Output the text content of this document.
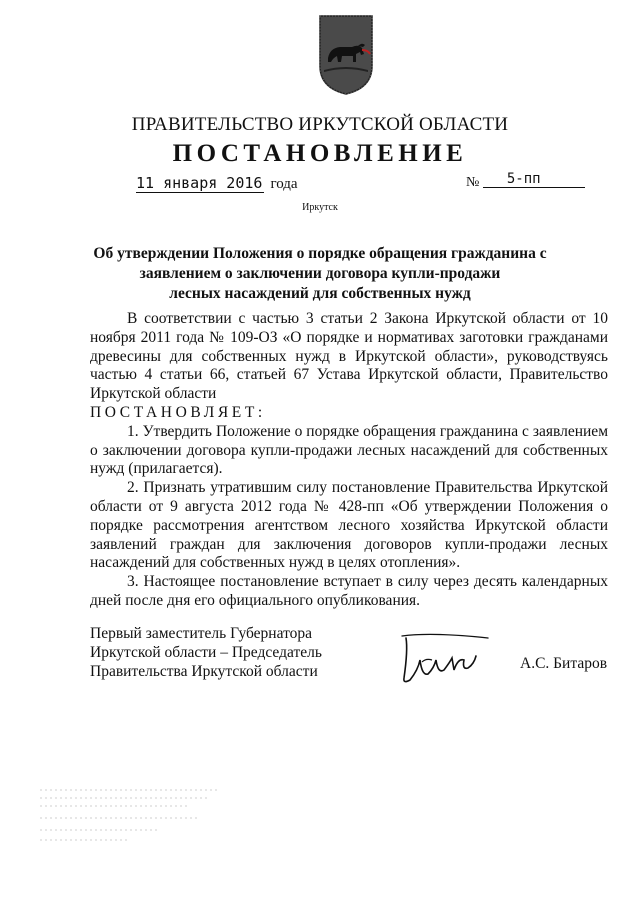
ПРАВИТЕЛЬСТВО ИРКУТСКОЙ ОБЛАСТИ
ПОСТАНОВЛЕНИЕ
11 января 2016 года	№ 5-пп
Иркутск
Об утверждении Положения о порядке обращения гражданина с
заявлением о заключении договора купли-продажи
лесных насаждений для собственных нужд

В соответствии с частью 3 статьи 2 Закона Иркутской области от 10 ноября 2011 года № 109-ОЗ «О порядке и нормативах заготовки гражданами древесины для собственных нужд в Иркутской области», руководствуясь частью 4 статьи 66, статьей 67 Устава Иркутской области, Правительство Иркутской области

ПОСТАНОВЛЯЕТ:

1. Утвердить Положение о порядке обращения гражданина с заявлением о заключении договора купли-продажи лесных насаждений для собственных нужд (прилагается).

2. Признать утратившим силу постановление Правительства Иркутской области от 9 августа 2012 года № 428-пп «Об утверждении Положения о порядке рассмотрения агентством лесного хозяйства Иркутской области заявлений граждан для заключения договоров купли-продажи лесных насаждений для собственных нужд в целях отопления».

3. Настоящее постановление вступает в силу через десять календарных дней после дня его официального опубликования.

Первый заместитель Губернатора
Иркутской области – Председатель
Правительства Иркутской области	А.С. Битаров
